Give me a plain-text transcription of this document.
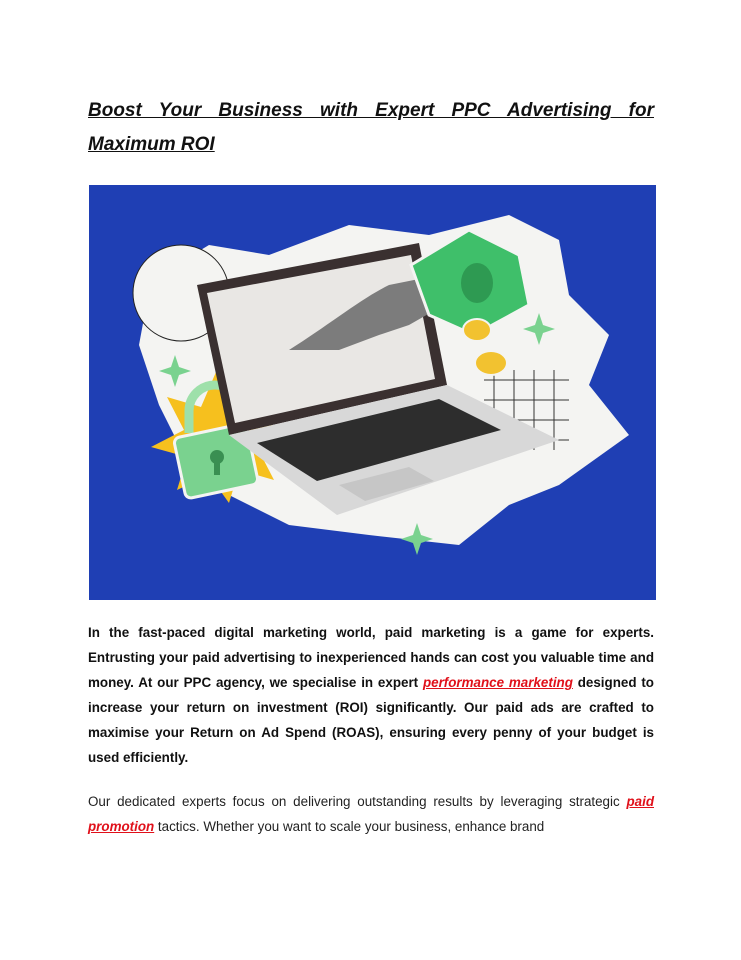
Boost Your Business with Expert PPC Advertising for Maximum ROI

In the fast-paced digital marketing world, paid marketing is a game for experts. Entrusting your paid advertising to inexperienced hands can cost you valuable time and money. At our PPC agency, we specialise in expert performance marketing designed to increase your return on investment (ROI) significantly. Our paid ads are crafted to maximise your Return on Ad Spend (ROAS), ensuring every penny of your budget is used efficiently.

Our dedicated experts focus on delivering outstanding results by leveraging strategic paid promotion tactics. Whether you want to scale your business, enhance brand
